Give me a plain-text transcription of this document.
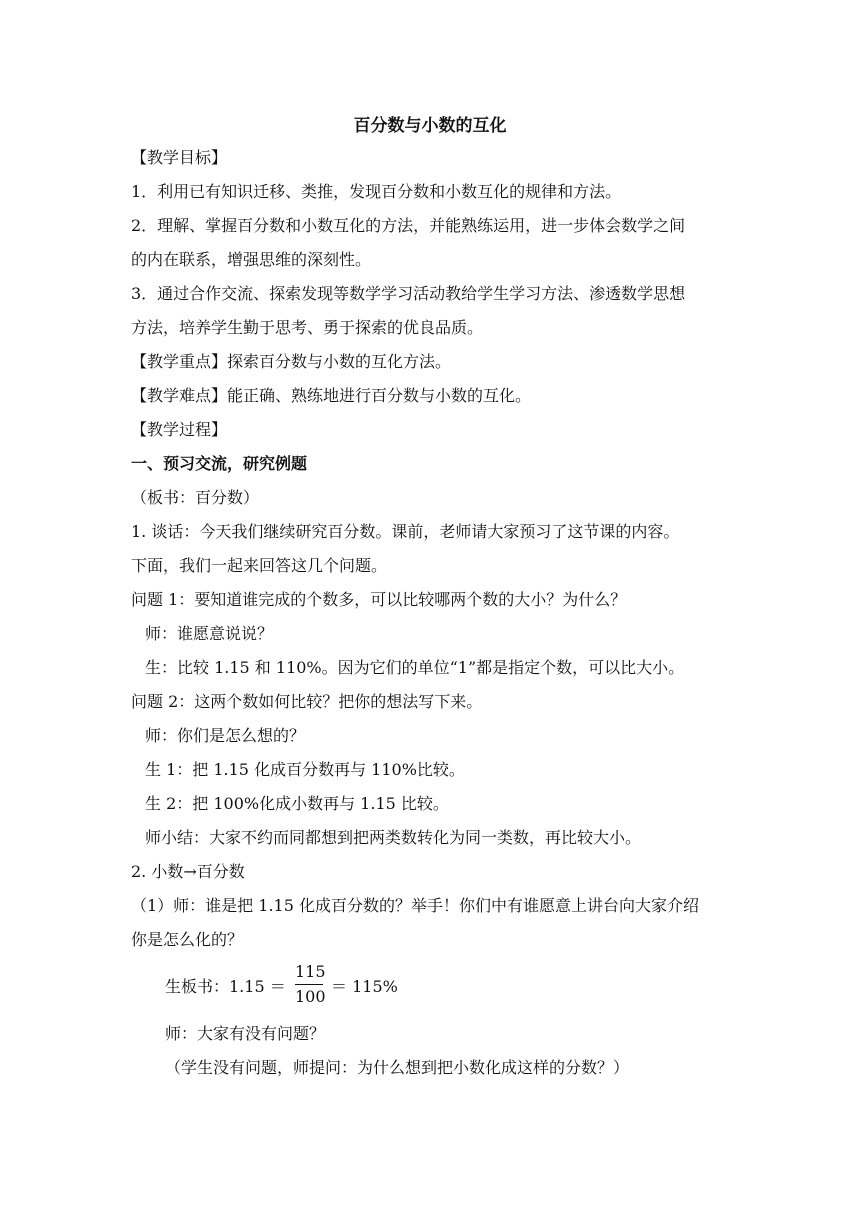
百分数与小数的互化
【教学目标】
1．利用已有知识迁移、类推，发现百分数和小数互化的规律和方法。
2．理解、掌握百分数和小数互化的方法，并能熟练运用，进一步体会数学之间
的内在联系，增强思维的深刻性。
3．通过合作交流、探索发现等数学学习活动教给学生学习方法、渗透数学思想
方法，培养学生勤于思考、勇于探索的优良品质。
【教学重点】探索百分数与小数的互化方法。
【教学难点】能正确、熟练地进行百分数与小数的互化。
【教学过程】
一、预习交流，研究例题
（板书：百分数）
1. 谈话：今天我们继续研究百分数。课前，老师请大家预习了这节课的内容。
下面，我们一起来回答这几个问题。
问题 1：要知道谁完成的个数多，可以比较哪两个数的大小？为什么？
师：谁愿意说说？
生：比较 1.15 和 110%。因为它们的单位“1”都是指定个数，可以比大小。
问题 2：这两个数如何比较？把你的想法写下来。
师：你们是怎么想的？
生 1：把 1.15 化成百分数再与 110%比较。
生 2：把 100%化成小数再与 1.15 比较。
师小结：大家不约而同都想到把两类数转化为同一类数，再比较大小。
2. 小数→百分数
（1）师：谁是把 1.15 化成百分数的？举手！你们中有谁愿意上讲台向大家介绍
你是怎么化的？
生板书：1.15 ＝
115
100
＝ 115%
师：大家有没有问题？
（学生没有问题，师提问：为什么想到把小数化成这样的分数？）
